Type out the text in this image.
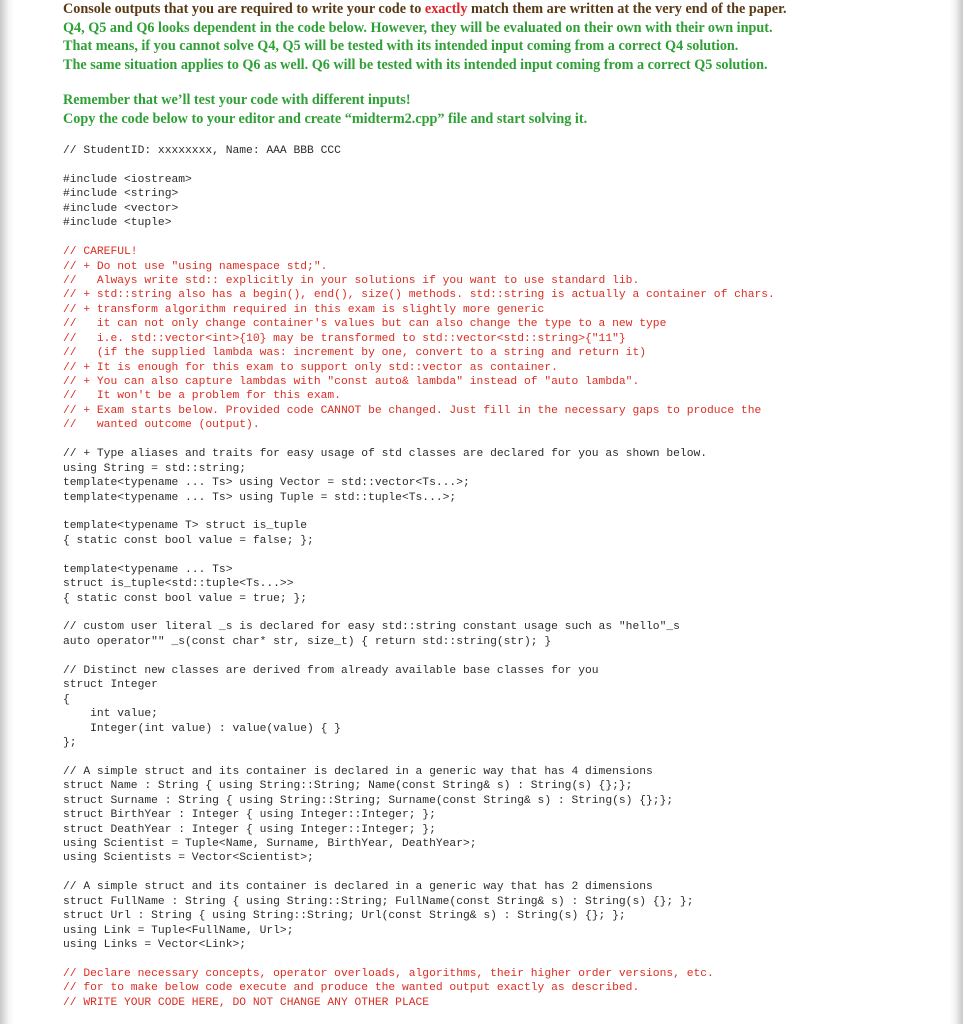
Console outputs that you are required to write your code to exactly match them are written at the very end of the paper.

Q4, Q5 and Q6 looks dependent in the code below. However, they will be evaluated on their own with their own input.

That means, if you cannot solve Q4, Q5 will be tested with its intended input coming from a correct Q4 solution.

The same situation applies to Q6 as well. Q6 will be tested with its intended input coming from a correct Q5 solution.

Remember that we’ll test your code with different inputs!

Copy the code below to your editor and create “midterm2.cpp” file and start solving it.

// StudentID: xxxxxxxx, Name: AAA BBB CCC
#include <iostream>
#include <string>
#include <vector>
#include <tuple>
// CAREFUL!
// + Do not use "using namespace std;".
//   Always write std:: explicitly in your solutions if you want to use standard lib.
// + std::string also has a begin(), end(), size() methods. std::string is actually a container of chars.
// + transform algorithm required in this exam is slightly more generic
//   it can not only change container's values but can also change the type to a new type
//   i.e. std::vector<int>{10} may be transformed to std::vector<std::string>{"11"}
//   (if the supplied lambda was: increment by one, convert to a string and return it)
// + It is enough for this exam to support only std::vector as container.
// + You can also capture lambdas with "const auto& lambda" instead of "auto lambda".
//   It won't be a problem for this exam.
// + Exam starts below. Provided code CANNOT be changed. Just fill in the necessary gaps to produce the
//   wanted outcome (output).
// + Type aliases and traits for easy usage of std classes are declared for you as shown below.
using String = std::string;
template<typename ... Ts> using Vector = std::vector<Ts...>;
template<typename ... Ts> using Tuple = std::tuple<Ts...>;
template<typename T> struct is_tuple
{ static const bool value = false; };
template<typename ... Ts>
struct is_tuple<std::tuple<Ts...>>
{ static const bool value = true; };
// custom user literal _s is declared for easy std::string constant usage such as "hello"_s
auto operator"" _s(const char* str, size_t) { return std::string(str); }
// Distinct new classes are derived from already available base classes for you
struct Integer
{
int value;
Integer(int value) : value(value) { }
};
// A simple struct and its container is declared in a generic way that has 4 dimensions
struct Name : String { using String::String; Name(const String& s) : String(s) {};};
struct Surname : String { using String::String; Surname(const String& s) : String(s) {};};
struct BirthYear : Integer { using Integer::Integer; };
struct DeathYear : Integer { using Integer::Integer; };
using Scientist = Tuple<Name, Surname, BirthYear, DeathYear>;
using Scientists = Vector<Scientist>;
// A simple struct and its container is declared in a generic way that has 2 dimensions
struct FullName : String { using String::String; FullName(const String& s) : String(s) {}; };
struct Url : String { using String::String; Url(const String& s) : String(s) {}; };
using Link = Tuple<FullName, Url>;
using Links = Vector<Link>;
// Declare necessary concepts, operator overloads, algorithms, their higher order versions, etc.
// for to make below code execute and produce the wanted output exactly as described.
// WRITE YOUR CODE HERE, DO NOT CHANGE ANY OTHER PLACE
